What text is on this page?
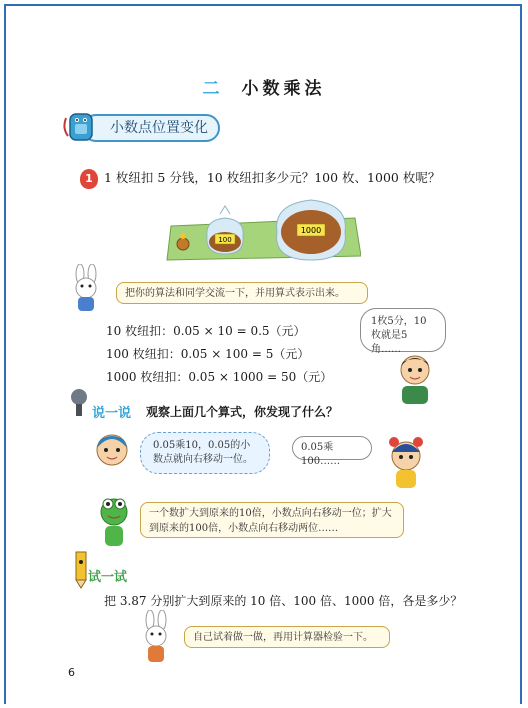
二 小数乘法
小数点位置变化
1 1 枚纽扣 5 分钱，10 枚纽扣多少元？100 枚、1000 枚呢？
100
1000
把你的算法和同学交流一下，并用算式表示出来。
1枚5分，10枚就是5角……
10 枚纽扣：0.05 × 10 = 0.5（元）
100 枚纽扣：0.05 × 100 = 5（元）
1000 枚纽扣：0.05 × 1000 = 50（元）
说一说 观察上面几个算式，你发现了什么？
0.05乘10，0.05的小数点就向右移动一位。
0.05乘100……
一个数扩大到原来的10倍，小数点向右移动一位；扩大到原来的100倍，小数点向右移动两位……
试一试
把 3.87 分别扩大到原来的 10 倍、100 倍、1000 倍，各是多少？
自己试着做一做，再用计算器检验一下。
6
